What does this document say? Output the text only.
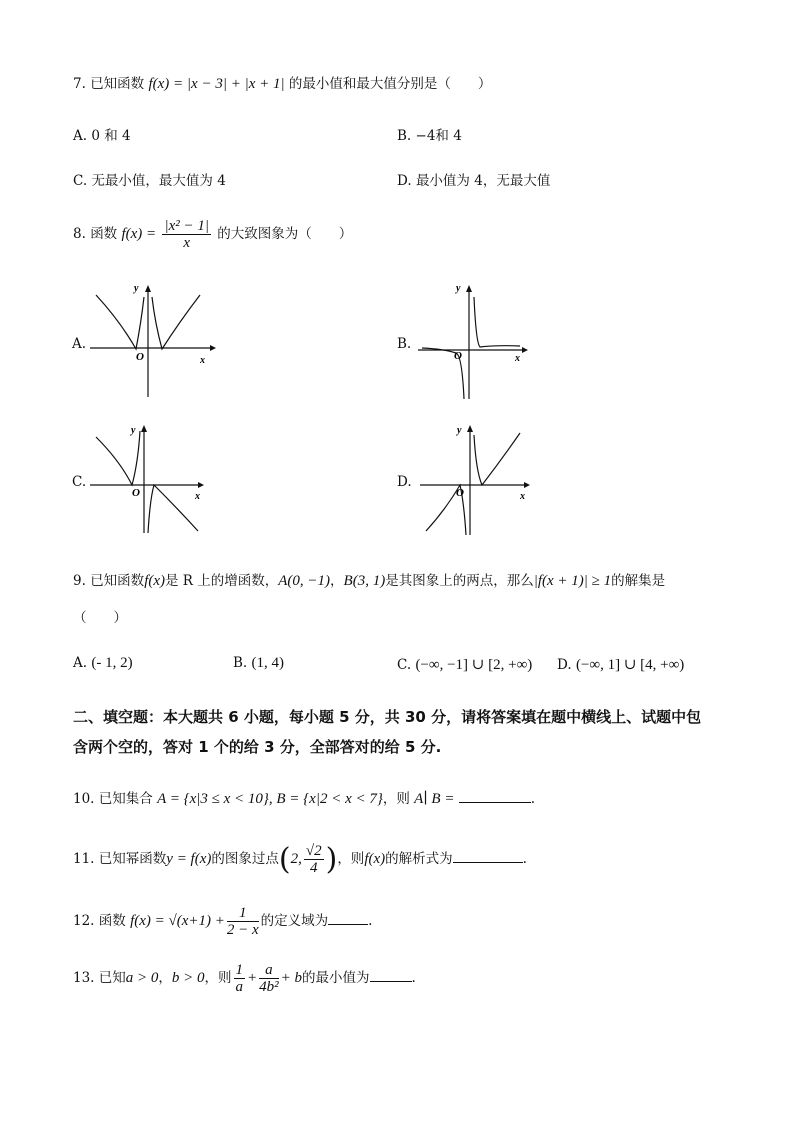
7. 已知函数 f(x) = |x − 3| + |x + 1| 的最小值和最大值分别是（　　）
A. 0 和 4	B. −4和 4
C. 无最小值，最大值为 4	D. 最小值为 4，无最大值
8. 函数 $f(x) = \frac{\text{|x² − 1|}}{x}$ 的大致图象为（　　）
A.
y
x
O
B.
y
x
O
C.
y
x
O
D.
y
x
O
9. 已知函数f(x)是 R 上的增函数，A(0, −1)，B(3, 1)是其图象上的两点，那么|f(x + 1)| ≥ 1的解集是
（　　）
A. (- 1, 2)	B. (1, 4)	C. (−∞, −1] ∪ [2, +∞) D. (−∞, 1] ∪ [4, +∞)
二、填空题：本大题共 6 小题，每小题 5 分，共 30 分，请将答案填在题中横线上、试题中包
含两个空的，答对 1 个的给 3 分，全部答对的给 5 分.
10. 已知集合 A = {x|3 ≤ x < 10}, B = {x|2 < x < 7}，则 A∣ B =	.
11. 已知幂函数y = f(x)的图象过点(2, $\frac{√2}{4}$ )，则f(x)的解析式为	.
12. 函数 $f(x) = √(x+1) + \frac{1}{2 - x}$ 的定义域为	.
13. 已知a > 0，b > 0，则 $\frac{1}{a} + \frac{a}{\text{4b²}} + b$的最小值为	.
